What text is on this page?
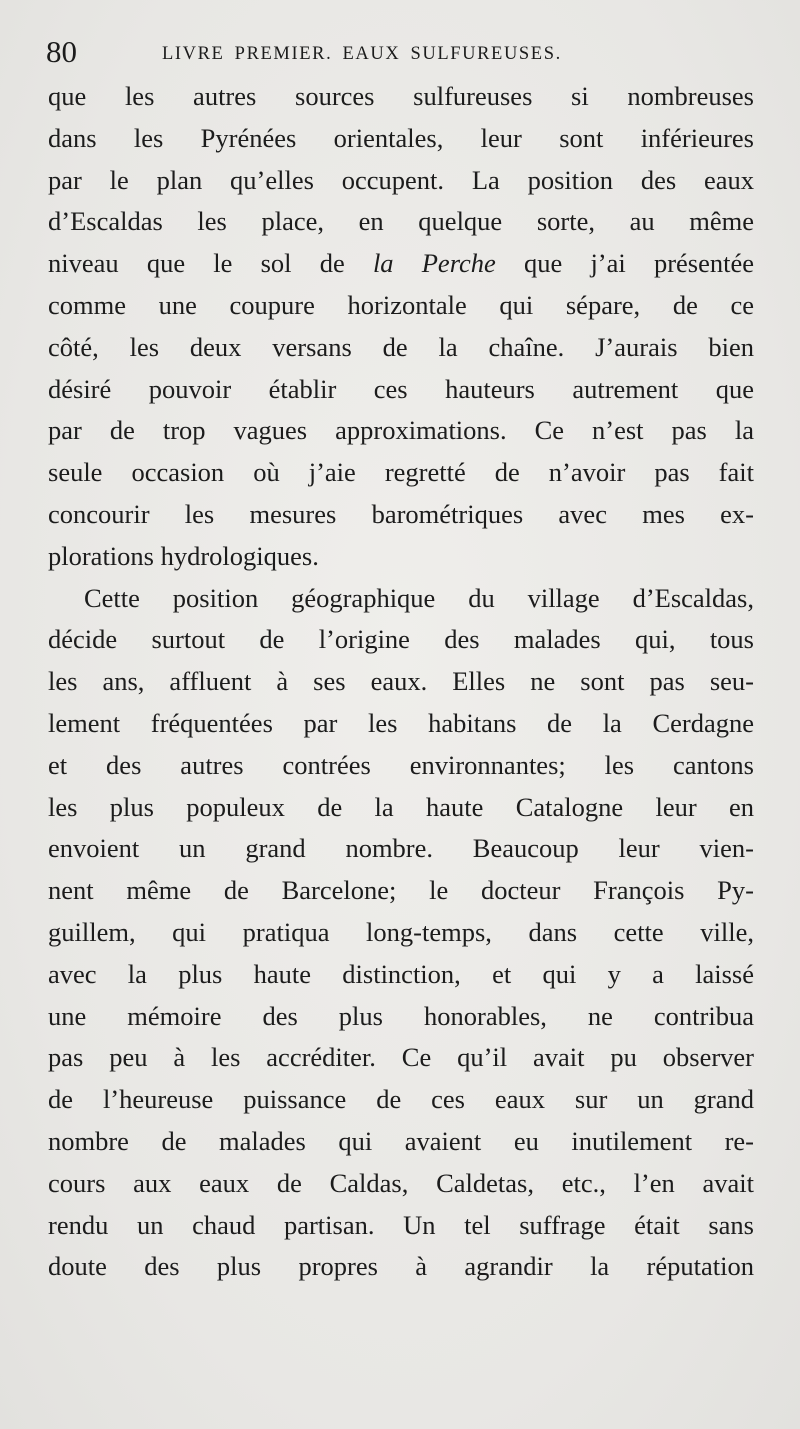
80	LIVRE PREMIER. EAUX SULFUREUSES.
que les autres sources sulfureuses si nombreuses
dans les Pyrénées orientales, leur sont inférieures
par le plan qu’elles occupent. La position des eaux
d’Escaldas les place, en quelque sorte, au même
niveau que le sol de la Perche que j’ai présentée
comme une coupure horizontale qui sépare, de ce
côté, les deux versans de la chaîne. J’aurais bien
désiré pouvoir établir ces hauteurs autrement que
par de trop vagues approximations. Ce n’est pas la
seule occasion où j’aie regretté de n’avoir pas fait
concourir les mesures barométriques avec mes ex-
plorations hydrologiques.
Cette position géographique du village d’Escaldas,
décide surtout de l’origine des malades qui, tous
les ans, affluent à ses eaux. Elles ne sont pas seu-
lement fréquentées par les habitans de la Cerdagne
et des autres contrées environnantes; les cantons
les plus populeux de la haute Catalogne leur en
envoient un grand nombre. Beaucoup leur vien-
nent même de Barcelone; le docteur François Py-
guillem, qui pratiqua long-temps, dans cette ville,
avec la plus haute distinction, et qui y a laissé
une mémoire des plus honorables, ne contribua
pas peu à les accréditer. Ce qu’il avait pu observer
de l’heureuse puissance de ces eaux sur un grand
nombre de malades qui avaient eu inutilement re-
cours aux eaux de Caldas, Caldetas, etc., l’en avait
rendu un chaud partisan. Un tel suffrage était sans
doute des plus propres à agrandir la réputation
